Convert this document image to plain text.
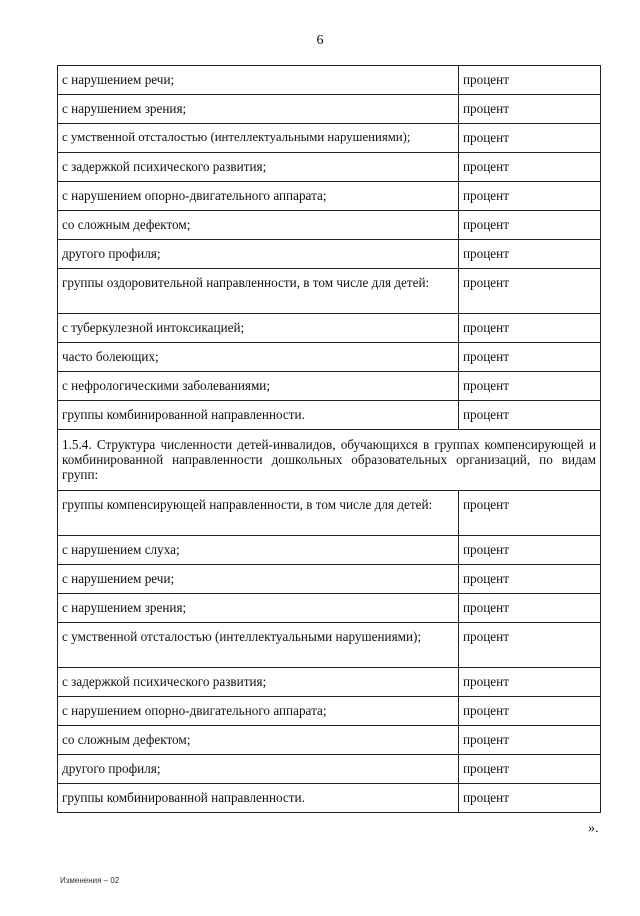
6
с нарушением речи;	процент
с нарушением зрения;	процент
с умственной отсталостью (интеллектуальными нарушениями);	процент
с задержкой психического развития;	процент
с нарушением опорно-двигательного аппарата;	процент
со сложным дефектом;	процент
другого профиля;	процент
группы оздоровительной направленности, в том числе для детей:	процент
с туберкулезной интоксикацией;	процент
часто болеющих;	процент
с нефрологическими заболеваниями;	процент
группы комбинированной направленности.	процент
1.5.4. Структура численности детей-инвалидов, обучающихся в группах компенсирующей и комбинированной направленности дошкольных образовательных организаций, по видам групп:	
группы компенсирующей направленности, в том числе для детей:	процент
с нарушением слуха;	процент
с нарушением речи;	процент
с нарушением зрения;	процент
с умственной отсталостью (интеллектуальными нарушениями);	процент
с задержкой психического развития;	процент
с нарушением опорно-двигательного аппарата;	процент
со сложным дефектом;	процент
другого профиля;	процент
группы комбинированной направленности.	процент
».
Изменения – 02
